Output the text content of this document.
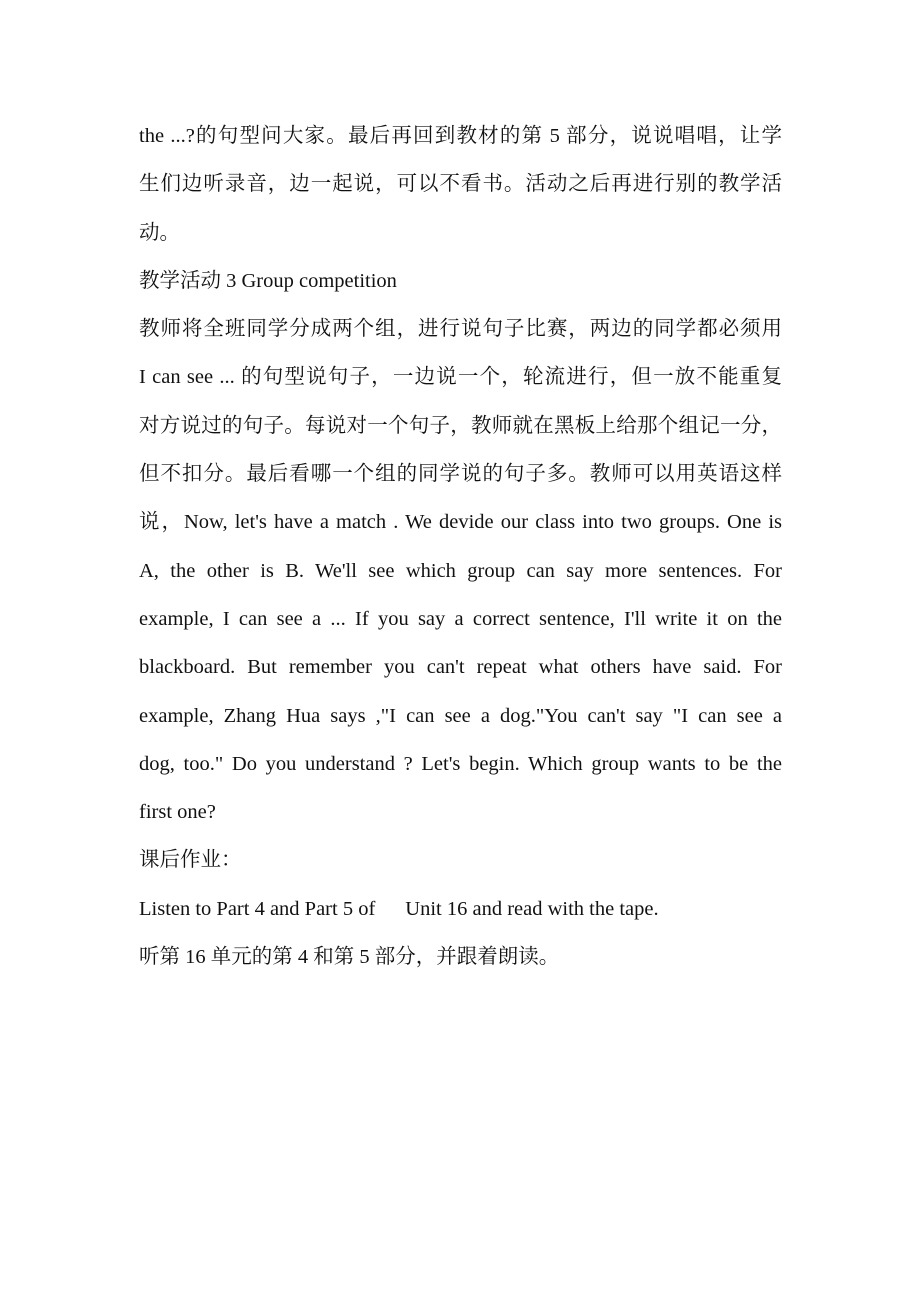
the ...?的句型问大家。最后再回到教材的第 5 部分，说说唱唱，让学
生们边听录音，边一起说，可以不看书。活动之后再进行别的教学活
动。
教学活动 3 Group competition
教师将全班同学分成两个组，进行说句子比赛，两边的同学都必须用
I can see ... 的句型说句子，一边说一个，轮流进行，但一放不能重复
对方说过的句子。每说对一个句子，教师就在黑板上给那个组记一分，
但不扣分。最后看哪一个组的同学说的句子多。教师可以用英语这样
说，Now, let's have a match . We devide our class into two groups. One is
A, the other is B. We'll see which group can say more sentences. For
example, I can see a ... If you say a correct sentence, I'll write it on the
blackboard. But remember you can't repeat what others have said. For
example, Zhang Hua says ,"I can see a dog."You can't say "I can see a
dog, too." Do you understand ? Let's begin. Which group wants to be the
first one?
课后作业：
Listen to Part 4 and Part 5 of Unit 16 and read with the tape.
听第 16 单元的第 4 和第 5 部分，并跟着朗读。
